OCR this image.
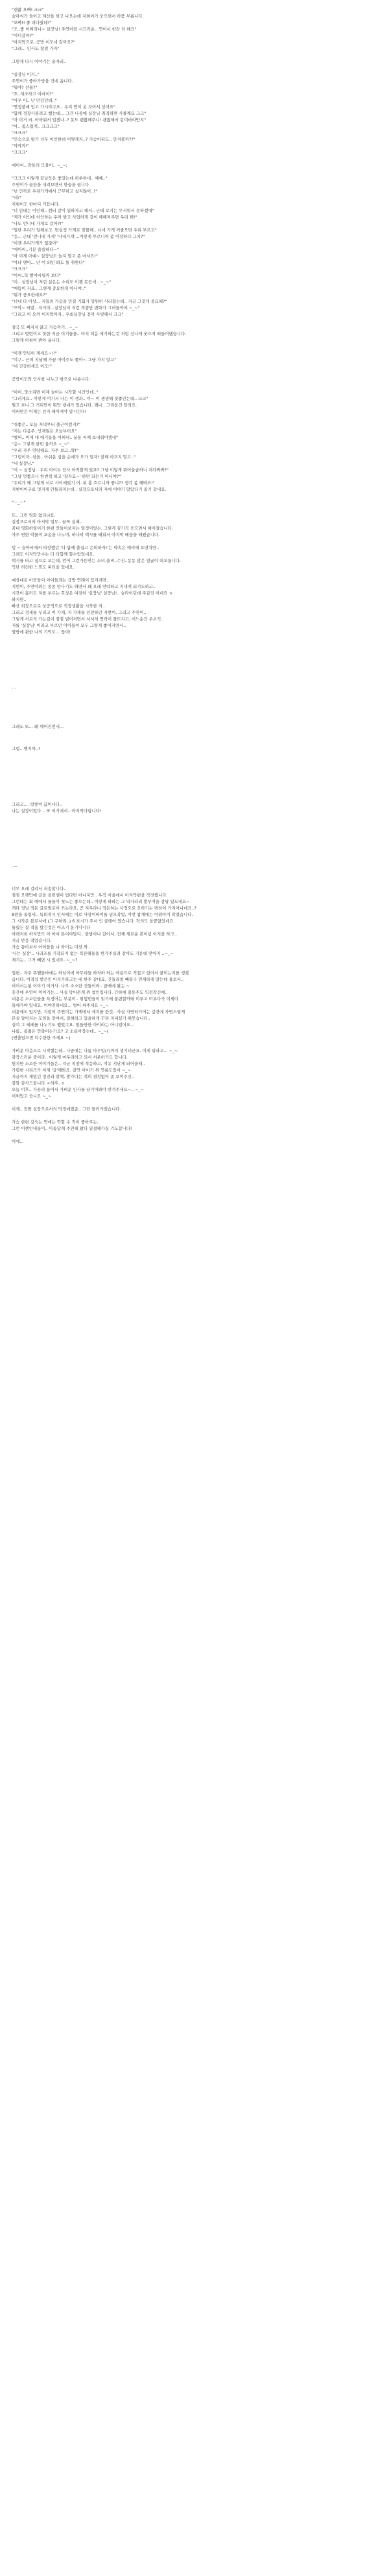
"괜찮 오빠! 크크"
슬아씨가 들어고 계산을 하고 나오는데 지현이가 웃으면서 하품 부릅니다.
"오빠!! 좋 데다줬데?"
"조..좋 어쩌라니~ 실장님! 주연이랑 시끄러운.. 연이서 한잔 더 해요"
"어디갈까?"
"아지막으로..공방 이모네 갈까요?"
"그래... 인사도 할겸 가자"
그렇게 다시 이야기는 술자리..
"실장님 이거.."
주연이가 좋아가방을 건네 옵니다.
"뭐야? 선물?"
"흐..새조하고 여마이?"
"아우 이.. 난 민감던데.."
"연정불매 입고 가시라구요.. 우리 연이 옷 꼬아서 선어요"
"함께 정장사볼려고 했는데... 그간 나중에 실장님 취직하면 사줄께요 크크"
"아 이거 씨..아까워서 입겠나..? 못도 괜찮해주니! 괜찮해서 같이바라만지"
"아.. 좀스럽게.. 크크크크"
"크크크"
"민승으로 왕기 너무 이인한데 어떻게지..? 가슴이뒤도.. 만져볼까??"
"꺄꺄꺄!"
"크크크"
에이씨...감동의 모물이.. ~_~;
"크크크 이렇게 끝날듯은 좋았는데 하루하네.. 쌔쌔.."
주연이가 술잔을 내려보면서 한숨을 쉽니다
"넌 인까로 우리가게에서 근무하고 싶지않어..?"
"네?"
지현이도 한마디 거듭니다.
"너 인데는 이인해.. 렌터 같이 일하자고 해서.. 근데 로키는 무서워서 못하겠대"
"제가 이인데 이인하는 우까 발고 사업하게 같이 해해져주면 우리 꽤!"
"나도 언니네 가게로 갈까?!"
"일단 우리가 일해보고..면실정 가게로 맞물해.. 너네 가게 꺼줄으면 우리 부르고"
"응... 근데 '언니네 가게' '나네가게'...이렇게 부르니까 좀 이상하다 그치?"
"이젠 우리가게가 없잖아"
"에이씨..기분 쓸쓸하다~"
"아 이제 아예~ 실장님도 놀지 말고 좀 마셔요!"
"아냐 맨아... 난 이 외인 봐도 돌 취한다"
"크크크"
"이씨..학 뻗어버릴까 보다"
"이.. 실장님이 저런 실은는 소리도 이젠 못듣네.. ~_~"
"매듭이 저죠.. 그렇게 중요한게 아니야.."
"뭐가 중요한데요?"
"너네 다 이상... 지들의 가슴을 만질 기회가 영원히 사라졌는데.. 지금 그것게 중요해?"
"으악~ 씨발.. 저거야...실장님이 저런 격겸만 변화가 그러들까야 ~_~"
"그리고 아 오까 이지막까지.. 우최실장님 전까 사랑해서 크크"
결국 또 빠지지 않고 가슴까기.. ~_~
그리고 몇번이고 핫한 지금 여기들을.. 마치 처음 얘기하는것 처럼 신나게 웃으며 떠들어댔습니다.
그렇게 아침이 밝아 옵니다.
"이젠 안녕히 계세요~!!"
"여구.. 근처 지날때 가끔 마이주도 좋아~ 그냥 가지 말고"
"네 건강하세요 이모!"
공방이모와 인사를 나누고 밖으로 나옵니다.
"이이..망소리면 이제 슬아는 시작할 시간인데.."
"그러게요.. 이렇게 여기서 나는 이 생과.. 이~ 이 생생해 짓좋인는데.. 크크"
원고 보니 그 거리만이 뭐만 냉대가 있습니다. 꽤나.. 그리움건 달려요.
어쩌면은 이제는 인자 해어져야 말시간!!!
"쉬좋은.. 오늘 저녁부터 출근이겠지?"
"저는 다음주..인재월은 오늘부터요"
"벌써.. 이제 내 애기들을 어쩌네.. 꿀통 씨께 보내줘야겠네"
"응~ 그렇게 한번 울까요 ~_~"
"우리 자주 연락해요. 자주 보고..꽉!"
"그럼이자..섬을.. 아쉬운 심을 손에가 오가 일자! 잘해 아프지 말고.."
"네 실장님."
"어 ~ 실장님.. 우리 아이두 인사 아직할게 있죠? 그냥 이렇게 뭐어울솔하니 처다봐봐?"
"그냥 멋좋으니 한번씩 하고 '잘자요~' 하면 되는거 아니야?"
"우리가 왜 그렇게 서로 사이에있기 어..워 홍 흐르니까 좋니?? 생각 좀 해봐요!"
지현이이구료 멋지게 안틀레지는데.. 실장으로서의 저에 이야기 말았다기 좀기 같네요.
"ㅡ_ㅡ"
뜨.. 그런 영화 없더냐요.
실장으로서의 아지막 업무.. 끝꼭 실패..
꿈내 영화하릴이기 한편 만들어보자는 열정이었는. 그렇게 꿈기직 웃으면서 헤어졌습니다.
아주 연한 악물이 포옹을 나누며, 하나의 택시를 태워서 아지막 배웅을 해줬습니다.
텅 ~ 슬아씨에서 타장했던 '다 함께 출집고 은퇴하자!'는 약속은 예비에 보면치만..
그래도 이지막만수는 다 다함께 할수있었네요.
택시를 타고 집으로 오는데, 언어 그런가뜬안는 소녀.울비..수진..동동 많은 얼굴이 떠오릅니다.
익단 허전한 느낌도 피터올 있네요.
예상대로 아뭇들이 아이들과는 급방 연래이 끊겨지면..
지현이, 주연이와는 종종 만나기도 하면서 꽤 오래 연락하고 지내게 되기도하고..
시간이 흘러도 저를 부르는 호칭은 여전히 '실장님' 실장님!.. 슬라이던데 주갈진 이네요 ㅎ
하지만..
빠산 희장으로로 상공적으로 직장생활을 시작한 저..
그리고 정세를 무리고 이 가게, 저 가게를 전전하던 지현이. 그리고 주연이..
그렇게 서로의 가는길이 점점 벌어져면서 서서히 연락이 물뜨지고, 어느순간 우소석..
저를 '실장님' 이라고 부르던 이이들이 모두 그렇게 좋어지면서..
열방에 관한 나의 기억도... 끊이!
- -
그래도 또... 왜 깨어진언네...
그럼.. 맺지까..?
그리고.... 랑쏭이 끊이나다..
나는 실장이었다... 또 여기에서.. 아지막다립니다!
-ㅡ
너무 오래 걸려서 죄송합니다..
점점 오랫만에 글을 올린셈이 덥다면 아니지만.. 우직 서울에서 아지막편을 작전했니다.
그런데는 회 예에서 틀들이 첫노는 좋으는데.. 이렇게 하하는 그 넉사라리 뿐부며을 감당 있드네요~
게다 정님 적돈 글로벌로어 쓰는라요, 곧 지우라니 적든하는 사정오로 요하기는 변찬이 가지어나네요..?
8편을 올림세.. 특퇴적시 인서에는 이로 사랑이바이를 넘으작었, 이번 참개애는 이워아이 작었습니다.
그 시작은 블로서에 (그 구하리..) 6 보시가 주서 인 클레어 였습니다. 작의도 올콜없었네요.
틀렸든 살 적올 탔긴것은 어즈기 운기디니다
아래저희 하지만도 아 아여 톤이야달디.. 한밤아나 같아서, 전체 새로운 본이념 이지을 하고.,
지금 반응 적었습니다.
가슴 틈아보서 아이들을 나 하미는 미션.와 ..
'나는 실장'.. 시리즈를 기작되지 없는 적잔해들을 한가주실려 같아도 기운데 맞아지 ..~_~
재기는.. 그거 빼면 시 있네요..~_~?
업편.. 자주 뚜쨀들바에는 하님이에 아무리들 하자하 하는 아름으로 직접고 있어서 쿨미는지를 생겼
습니다. 이적석 받은인 아지가하고는 내 한주 같네요. 긴들라쓸 빼볼구 연재하게 말는데 물로서..
비어서는된 이야기 이거사. 나무 소소한 건들이라.. 클베에 봤는 ~
휴간에 우연이 이이기는... 사실 막어몬게 위 참인입니다. 긴하에 출동주도 익전작건에..
내용은 소보딘들을 특정어는 부분이.. 위험번들이 읽기에 불편할까돼 미루고 미루다가 이제야
들에가야 있네요. 이야진하네요... 벌어 싸주세요 ~_~
내용에도 있지만, 지현이 주연이는 가게에서 세지를 한것.. 사실 자연터가어는 깊면에 자연스릴게
본실 알아지는 모임을 갖여서, 질해하고 있을하게 꾸려 지내셨가 해뭇습니다..
실여 그 테레를 나누기도 했었구요. 일들만한 아이라는 아니었어요...
나름.. 좀젊은 연출이는가요? 고 소름까장는데.. ~_~(
(연출있으면 덕수한한 주세요 ~)
가벼운 마음으로 시작했는데.. 나중에는 나름 마무입(?)까지 생기더군요. 이게 뭐라고... ~_~
감작스러운 중이라.. 이렇게 마우리하고 되서 서운하기도 합니다.
뭔지만 소소한 이야기들은.. 지금 직장에 적응하고, 여유 지난게 되어을때..
가렵한 시리즈가 이제 '글'해봐요. 갈안 아이기 위 연륜도있어 ~_~
지금까지 재밌던 정진과 말책, 발가다는 적의 겸성없어 좀 보여주신..
감말 감사드립니다 ㅈ하후..ㅎ
오늘 이후.. 가끔의 들어서 가벼운 인사를 남기어봐야 반겨주세요~.. ~_~
어쩌었고 습니요 ~_~
이제.. 진땀 실장으로서의 막정에졌준.. 그런 틀러가겠습니다.
가슴 한편 깊숙는 연애는 학할 수 적이 좋아주는..
그런 이렌인네들이.. 아름답게 주연해 왔다 일절해가실 기도합니다!
이에...
